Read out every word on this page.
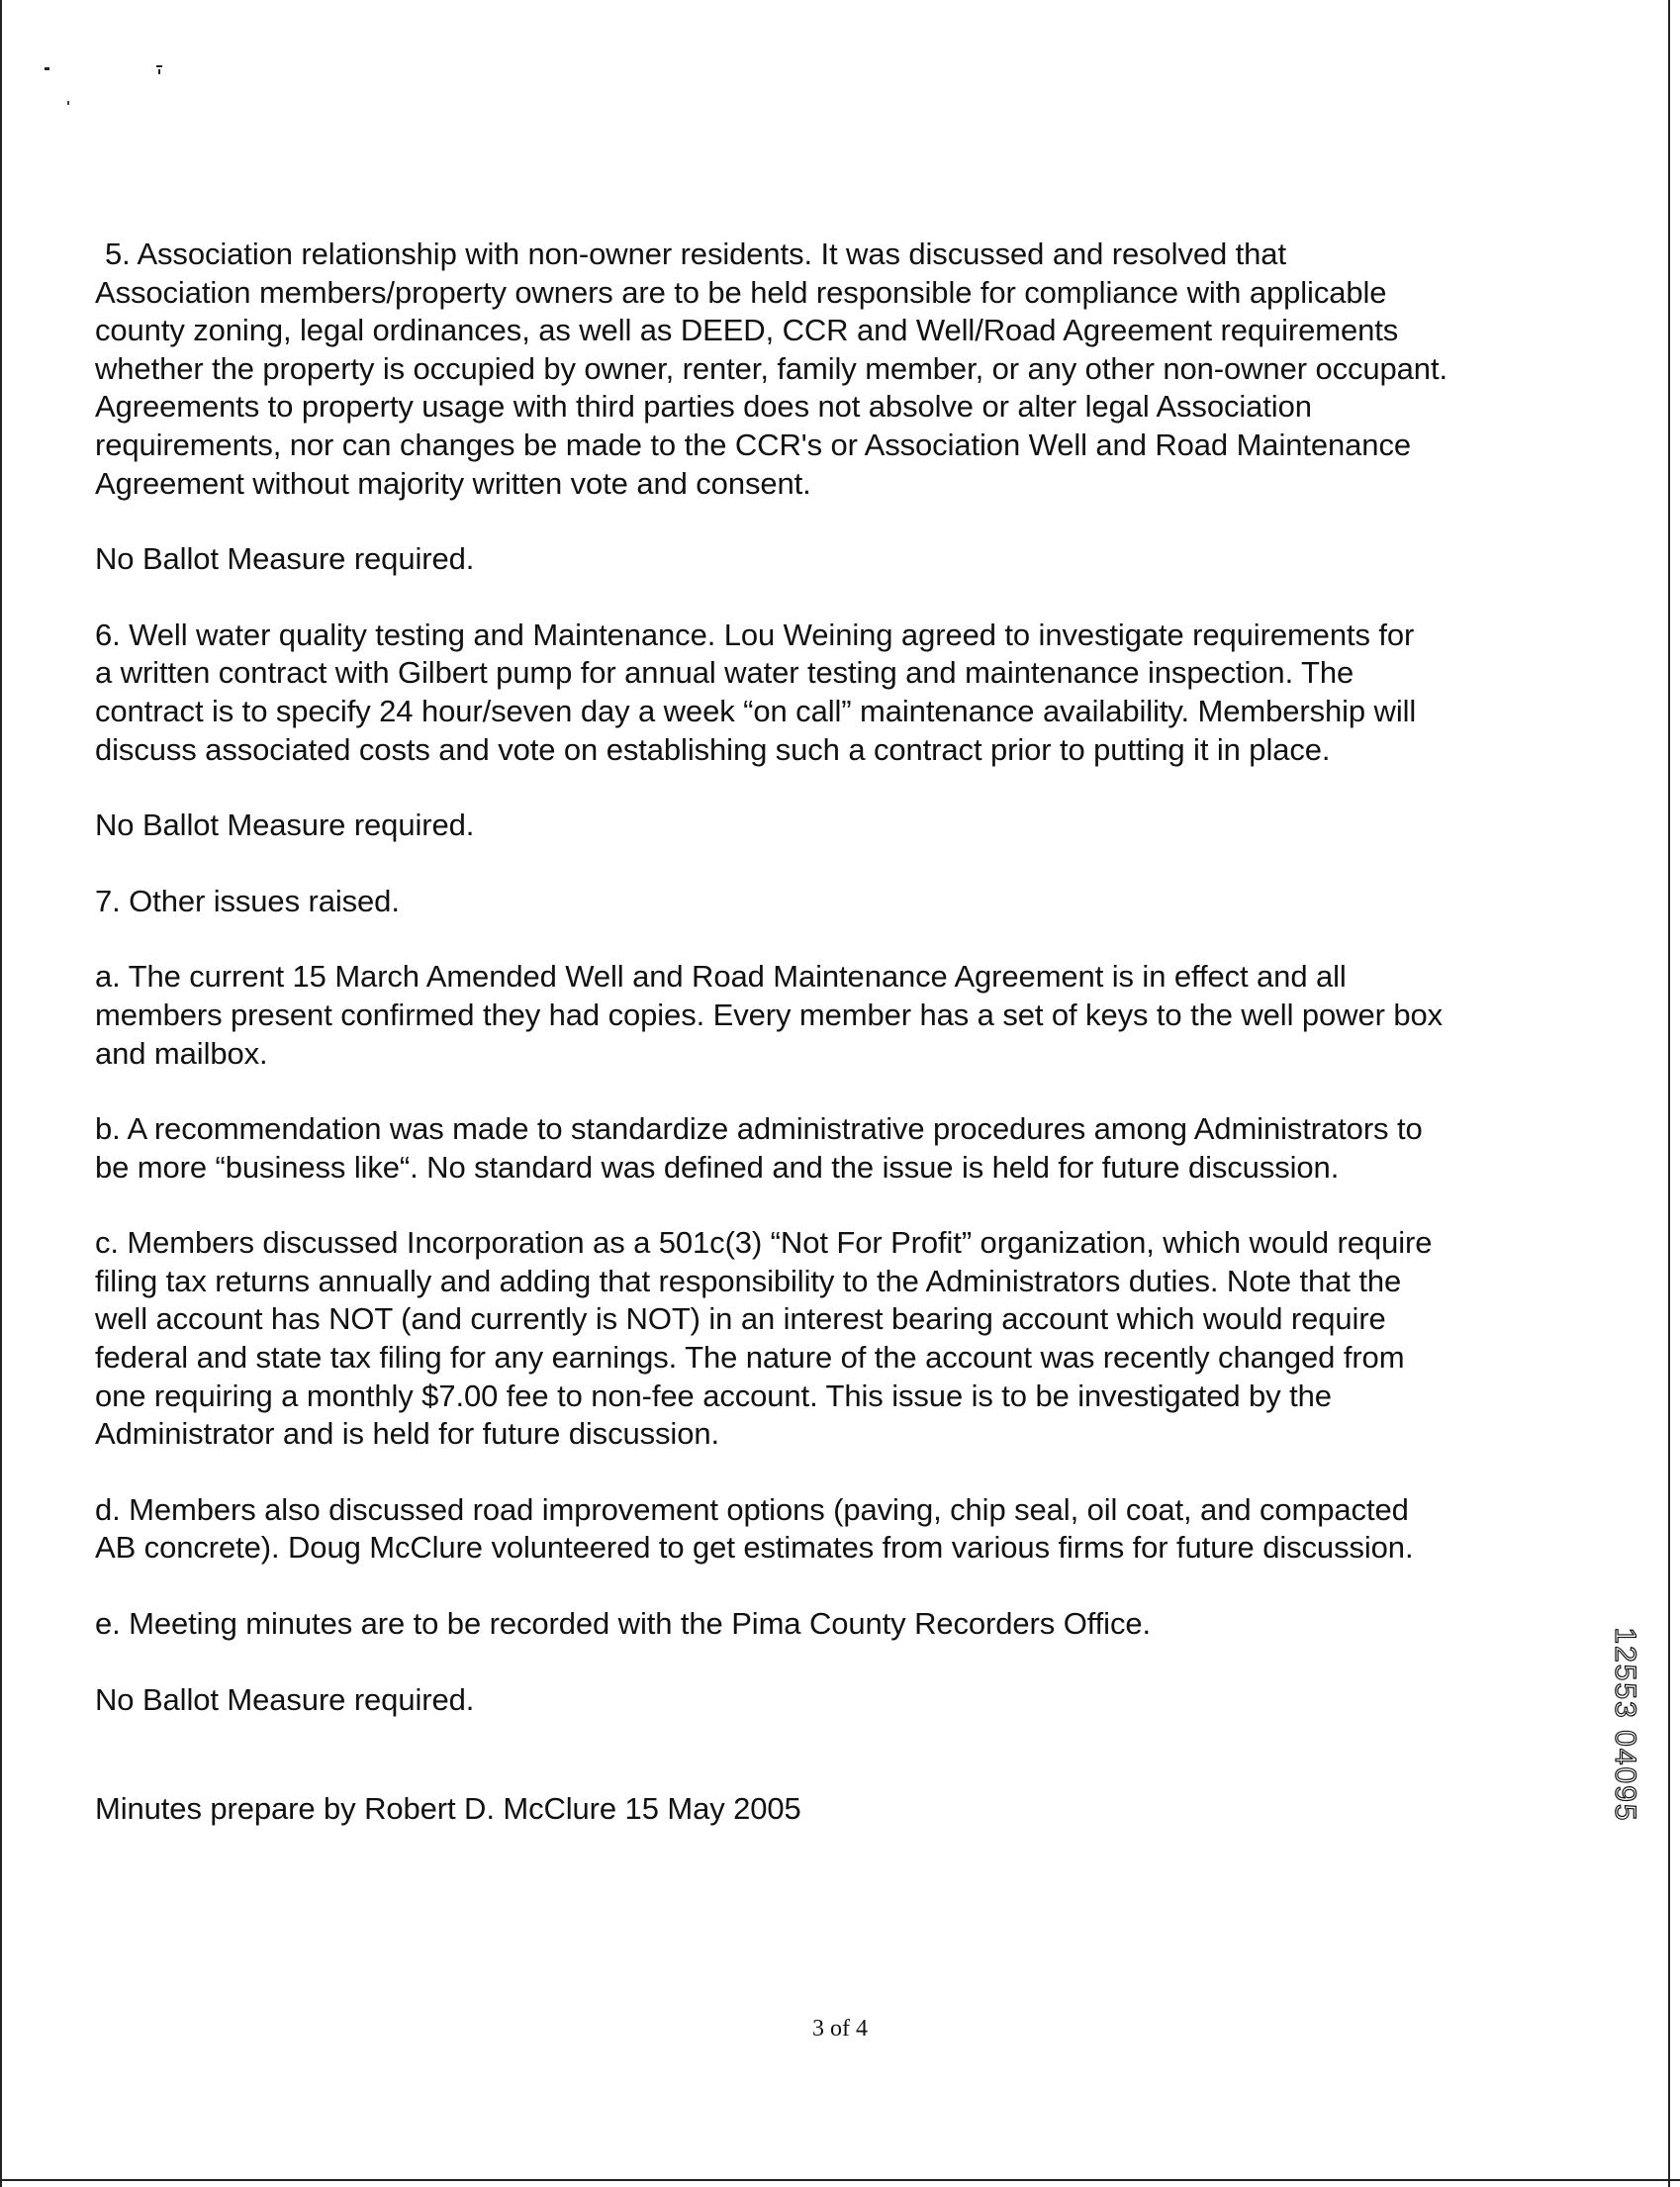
5. Association relationship with non-owner residents. It was discussed and resolved that
Association members/property owners are to be held responsible for compliance with applicable
county zoning, legal ordinances, as well as DEED, CCR and Well/Road Agreement requirements
whether the property is occupied by owner, renter, family member, or any other non-owner occupant.
Agreements to property usage with third parties does not absolve or alter legal Association
requirements, nor can changes be made to the CCR's or Association Well and Road Maintenance
Agreement without majority written vote and consent.

No Ballot Measure required.

6. Well water quality testing and Maintenance. Lou Weining agreed to investigate requirements for
a written contract with Gilbert pump for annual water testing and maintenance inspection. The
contract is to specify 24 hour/seven day a week “on call” maintenance availability. Membership will
discuss associated costs and vote on establishing such a contract prior to putting it in place.

No Ballot Measure required.

7. Other issues raised.

a. The current 15 March Amended Well and Road Maintenance Agreement is in effect and all
members present confirmed they had copies. Every member has a set of keys to the well power box
and mailbox.

b. A recommendation was made to standardize administrative procedures among Administrators to
be more “business like“. No standard was defined and the issue is held for future discussion.

c. Members discussed Incorporation as a 501c(3) “Not For Profit” organization, which would require
filing tax returns annually and adding that responsibility to the Administrators duties. Note that the
well account has NOT (and currently is NOT) in an interest bearing account which would require
federal and state tax filing for any earnings. The nature of the account was recently changed from
one requiring a monthly $7.00 fee to non-fee account. This issue is to be investigated by the
Administrator and is held for future discussion.

d. Members also discussed road improvement options (paving, chip seal, oil coat, and compacted
AB concrete). Doug McClure volunteered to get estimates from various firms for future discussion.

e. Meeting minutes are to be recorded with the Pima County Recorders Office.

No Ballot Measure required.

Minutes prepare by Robert D. McClure 15 May 2005	12553 04095
3 of 4
